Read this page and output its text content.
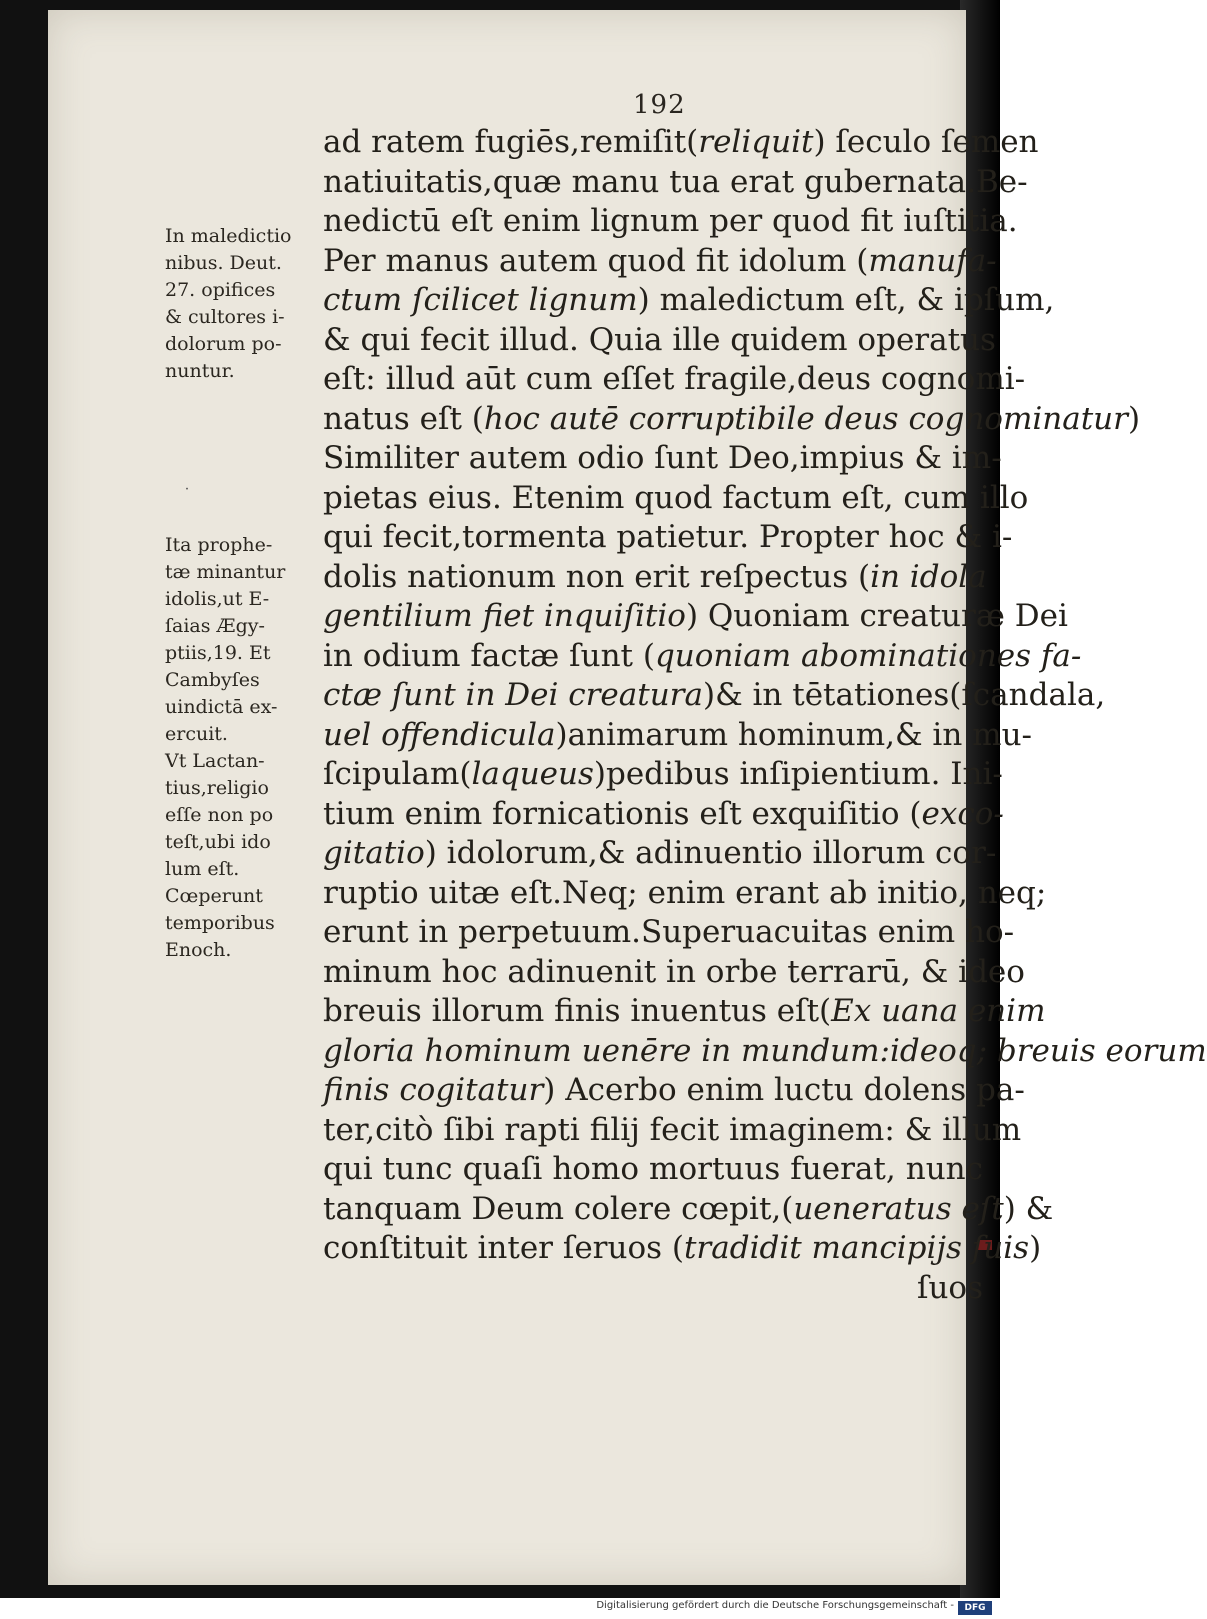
192
ad ratem fugiēs,remiſit(reliquit) ſeculo ſemen
natiuitatis,quæ manu tua erat gubernata.Be-
nedictū eſt enim lignum per quod fit iuſtitia.
Per manus autem quod fit idolum (manufa-
ctum ſcilicet lignum) maledictum eſt, & ipſum,
& qui fecit illud. Quia ille quidem operatus
eſt: illud aūt cum eſſet fragile,deus cognomi-
natus eſt (hoc autē corruptibile deus cognominatur)
Similiter autem odio ſunt Deo,impius & im-
pietas eius. Etenim quod factum eſt, cum illo
qui fecit,tormenta patietur. Propter hoc & i-
dolis nationum non erit reſpectus (in idola
gentilium fiet inquiſitio) Quoniam creaturæ Dei
in odium factæ ſunt (quoniam abominationes fa-
ctæ ſunt in Dei creatura)& in tētationes(ſcandala,
uel offendicula)animarum hominum,& in mu-
ſcipulam(laqueus)pedibus inſipientium. Ini-
tium enim fornicationis eſt exquiſitio (exco-
gitatio) idolorum,& adinuentio illorum cor-
ruptio uitæ eſt.Neq; enim erant ab initio, neq;
erunt in perpetuum.Superuacuitas enim ho-
minum hoc adinuenit in orbe terrarū, & ideo
breuis illorum finis inuentus eſt(Ex uana enim
gloria hominum uenēre in mundum:ideoq; breuis eorum
finis cogitatur) Acerbo enim luctu dolens pa-
ter,citò ſibi rapti filij fecit imaginem: & illum
qui tunc quaſi homo mortuus fuerat, nunc
tanquam Deum colere cœpit,(ueneratus eſt) &
conſtituit inter ſeruos (tradidit mancipijs ſuis)
ſuos
In maledictio
nibus. Deut.
27. opifices
& cultores i-
dolorum po-
nuntur.
Ita prophe-
tæ minantur
idolis,ut E-
ſaias Ægy-
ptiis,19. Et
Cambyſes
uindictā ex-
ercuit.
Vt Lactan-
tius,religio
eſſe non po
teſt,ubi ido
lum eſt.
Cœperunt
temporibus
Enoch.
˙
Digitalisierung gefördert durch die Deutsche Forschungsgemeinschaft -	DFG
